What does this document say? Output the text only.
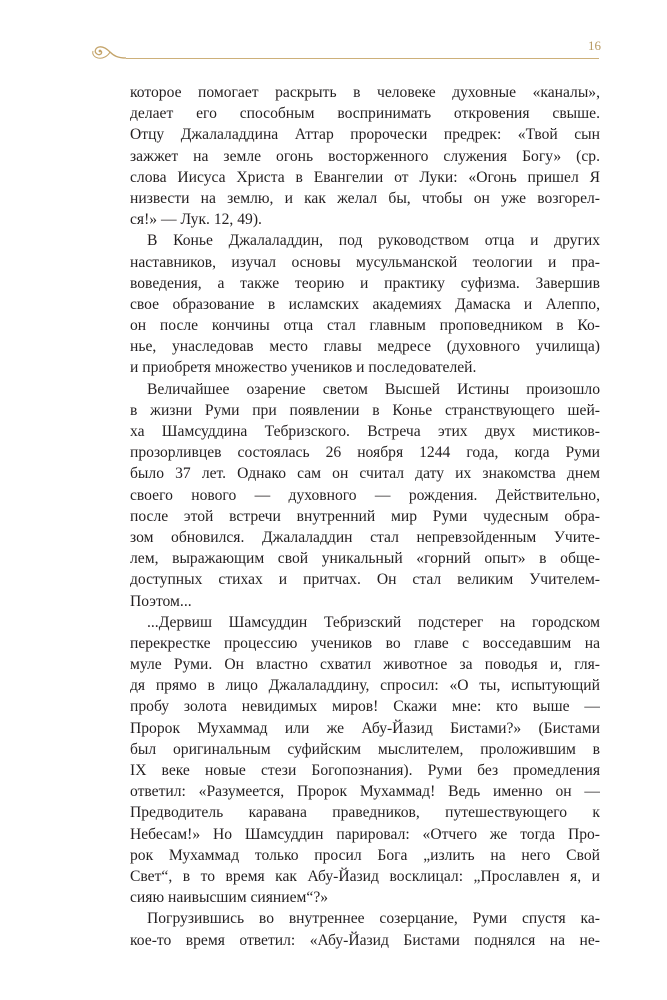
16
которое помогает раскрыть в человеке духовные «каналы»,
делает его способным воспринимать откровения свыше.
Отцу Джалаладдина Аттар пророчески предрек: «Твой сын
зажжет на земле огонь восторженного служения Богу» (ср.
слова Иисуса Христа в Евангелии от Луки: «Огонь пришел Я
низвести на землю, и как желал бы, чтобы он уже возгорел-
ся!» — Лук. 12, 49).
В Конье Джалаладдин, под руководством отца и других
наставников, изучал основы мусульманской теологии и пра-
воведения, а также теорию и практику суфизма. Завершив
свое образование в исламских академиях Дамаска и Алеппо,
он после кончины отца стал главным проповедником в Ко-
нье, унаследовав место главы медресе (духовного училища)
и приобретя множество учеников и последователей.
Величайшее озарение светом Высшей Истины произошло
в жизни Руми при появлении в Конье странствующего шей-
ха Шамсуддина Тебризского. Встреча этих двух мистиков-
прозорливцев состоялась 26 ноября 1244 года, когда Руми
было 37 лет. Однако сам он считал дату их знакомства днем
своего нового — духовного — рождения. Действительно,
после этой встречи внутренний мир Руми чудесным обра-
зом обновился. Джалаладдин стал непревзойденным Учите-
лем, выражающим свой уникальный «горний опыт» в обще-
доступных стихах и притчах. Он стал великим Учителем-
Поэтом...
...Дервиш Шамсуддин Тебризский подстерег на городском
перекрестке процессию учеников во главе с восседавшим на
муле Руми. Он властно схватил животное за поводья и, гля-
дя прямо в лицо Джалаладдину, спросил: «О ты, испытующий
пробу золота невидимых миров! Скажи мне: кто выше —
Пророк Мухаммад или же Абу-Йазид Бистами?» (Бистами
был оригинальным суфийским мыслителем, проложившим в
IX веке новые стези Богопознания). Руми без промедления
ответил: «Разумеется, Пророк Мухаммад! Ведь именно он —
Предводитель каравана праведников, путешествующего к
Небесам!» Но Шамсуддин парировал: «Отчего же тогда Про-
рок Мухаммад только просил Бога „излить на него Свой
Свет“, в то время как Абу-Йазид восклицал: „Прославлен я, и
сияю наивысшим сиянием“?»
Погрузившись во внутреннее созерцание, Руми спустя ка-
кое-то время ответил: «Абу-Йазид Бистами поднялся на не-
